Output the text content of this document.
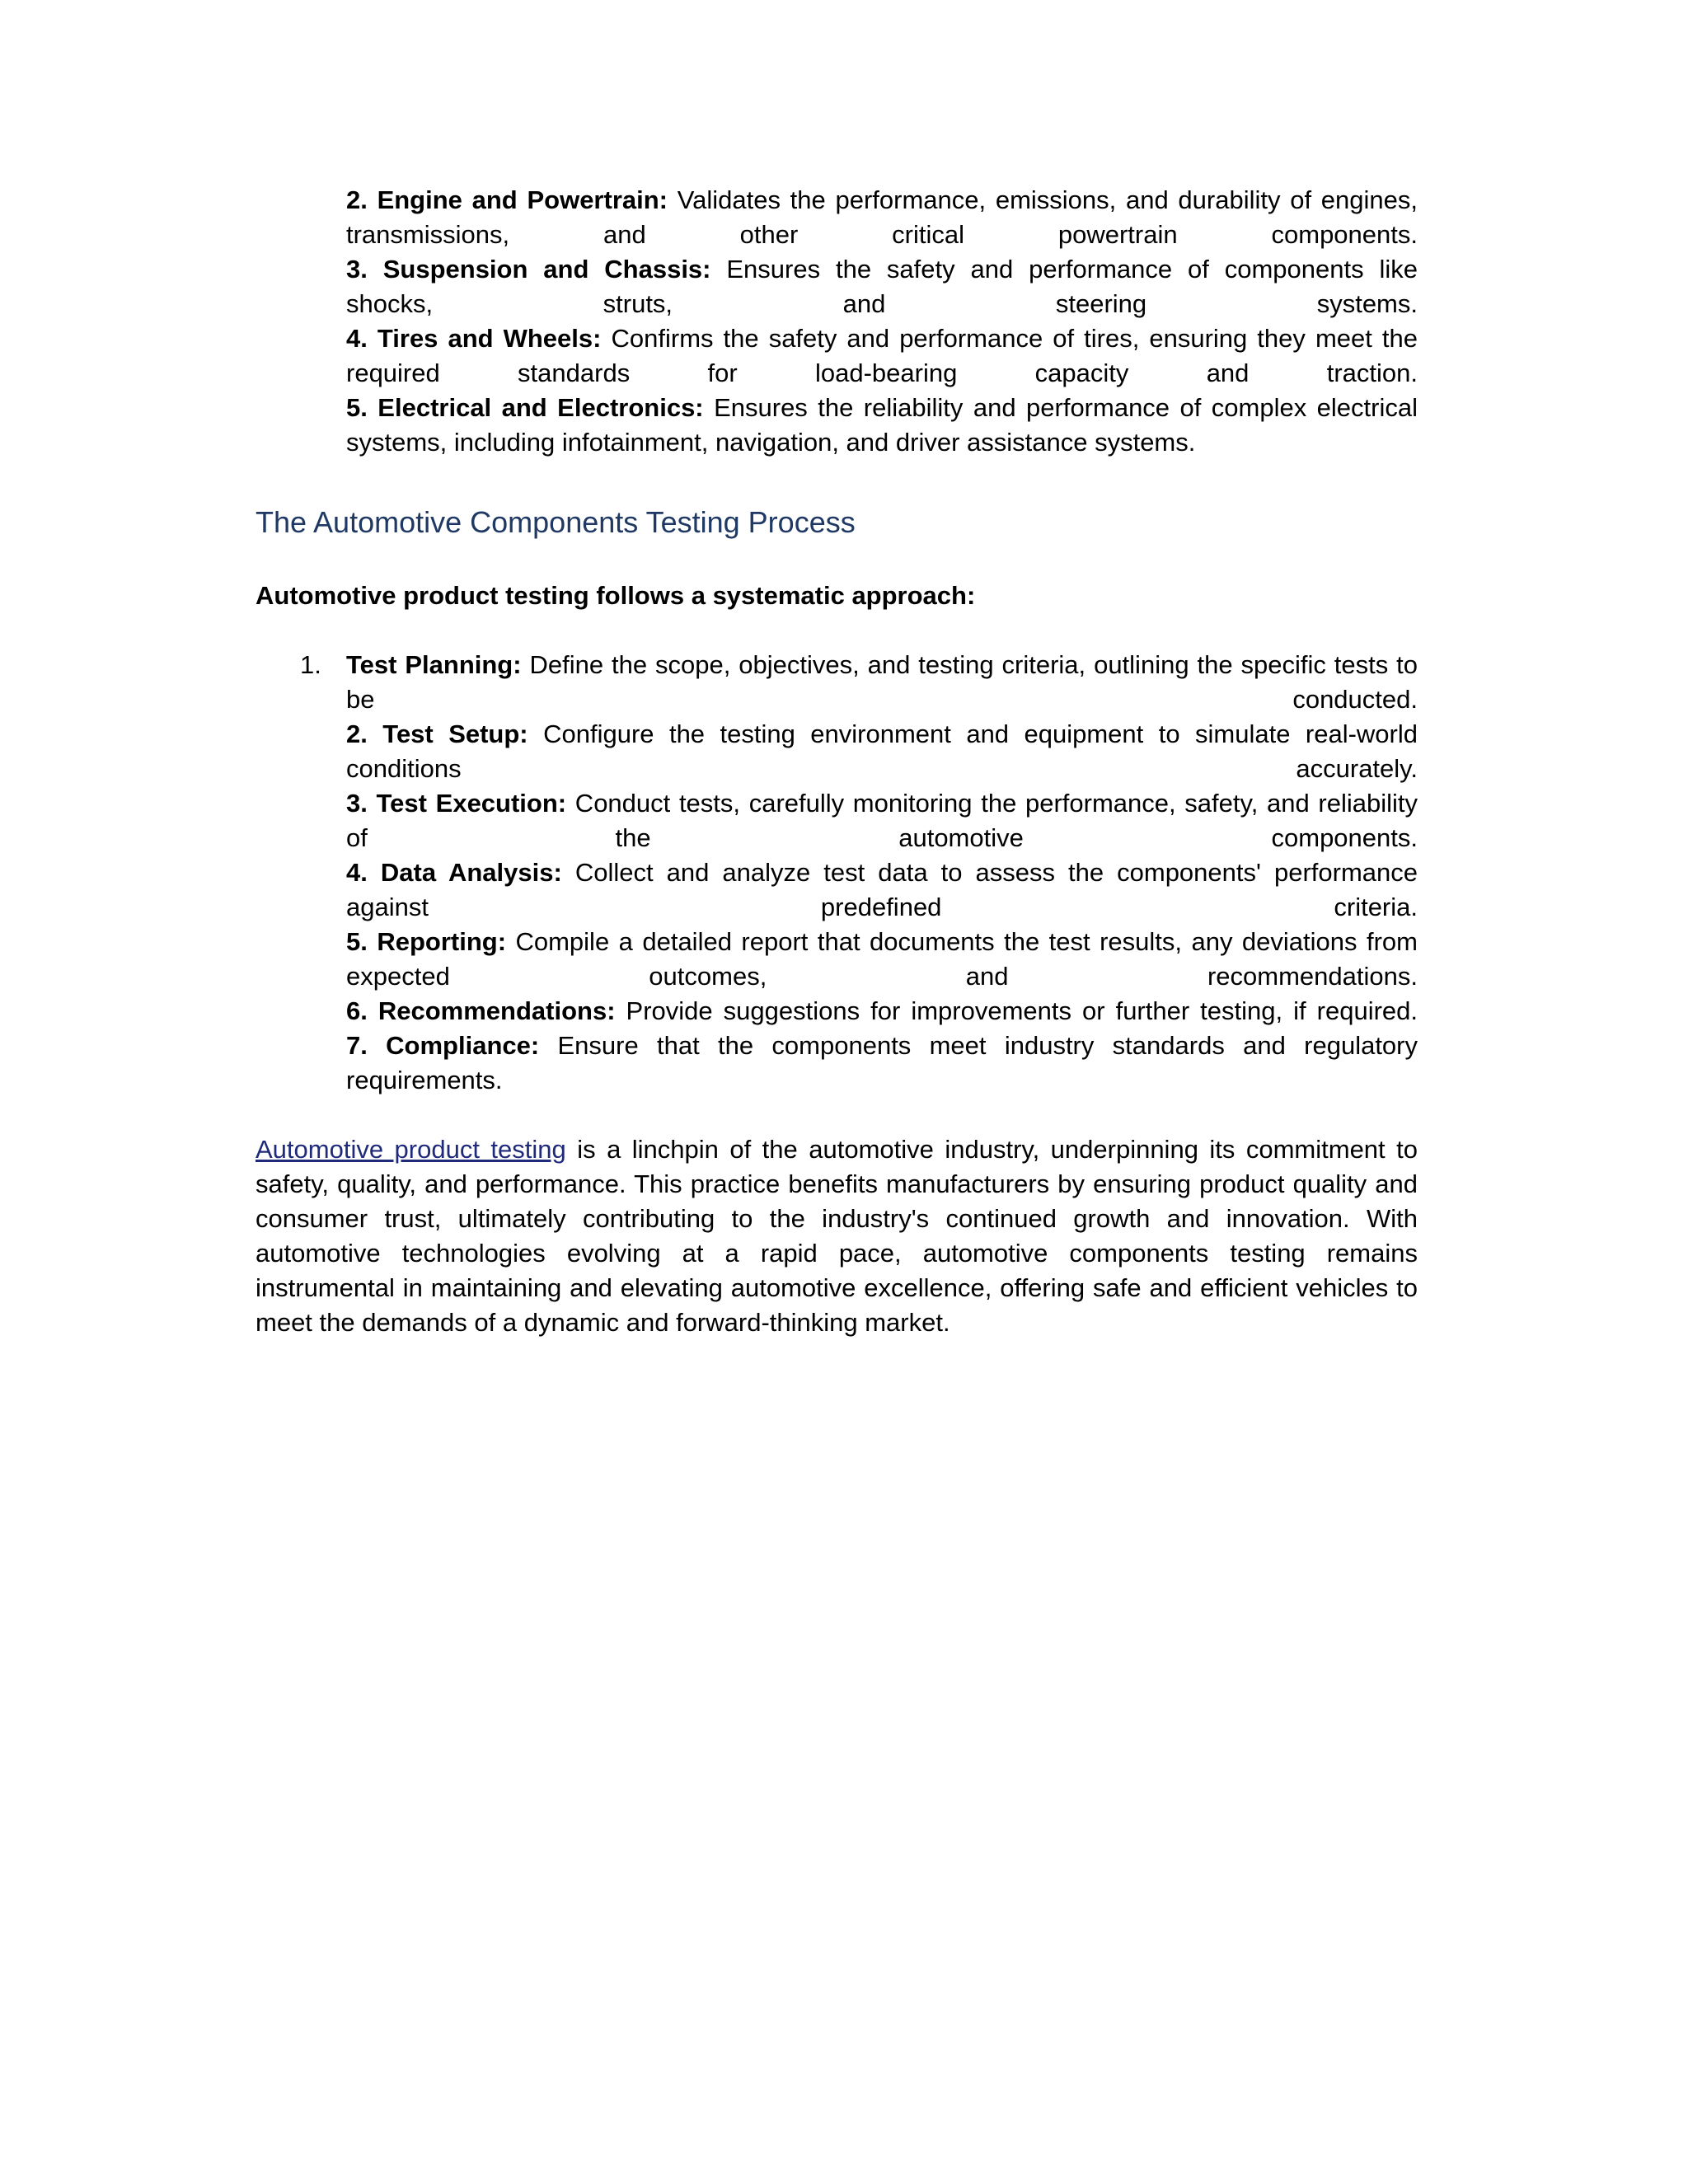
2. Engine and Powertrain: Validates the performance, emissions, and durability of engines, transmissions, and other critical powertrain components.

3. Suspension and Chassis: Ensures the safety and performance of components like shocks, struts, and steering systems.

4. Tires and Wheels: Confirms the safety and performance of tires, ensuring they meet the required standards for load-bearing capacity and traction.

5. Electrical and Electronics: Ensures the reliability and performance of complex electrical systems, including infotainment, navigation, and driver assistance systems.

The Automotive Components Testing Process

Automotive product testing follows a systematic approach:

1. Test Planning: Define the scope, objectives, and testing criteria, outlining the specific tests to be conducted.

2. Test Setup: Configure the testing environment and equipment to simulate real-world conditions accurately.

3. Test Execution: Conduct tests, carefully monitoring the performance, safety, and reliability of the automotive components.

4. Data Analysis: Collect and analyze test data to assess the components' performance against predefined criteria.

5. Reporting: Compile a detailed report that documents the test results, any deviations from expected outcomes, and recommendations.

6. Recommendations: Provide suggestions for improvements or further testing, if required.

7. Compliance: Ensure that the components meet industry standards and regulatory requirements.

Automotive product testing is a linchpin of the automotive industry, underpinning its commitment to safety, quality, and performance. This practice benefits manufacturers by ensuring product quality and consumer trust, ultimately contributing to the industry's continued growth and innovation. With automotive technologies evolving at a rapid pace, automotive components testing remains instrumental in maintaining and elevating automotive excellence, offering safe and efficient vehicles to meet the demands of a dynamic and forward-thinking market.
